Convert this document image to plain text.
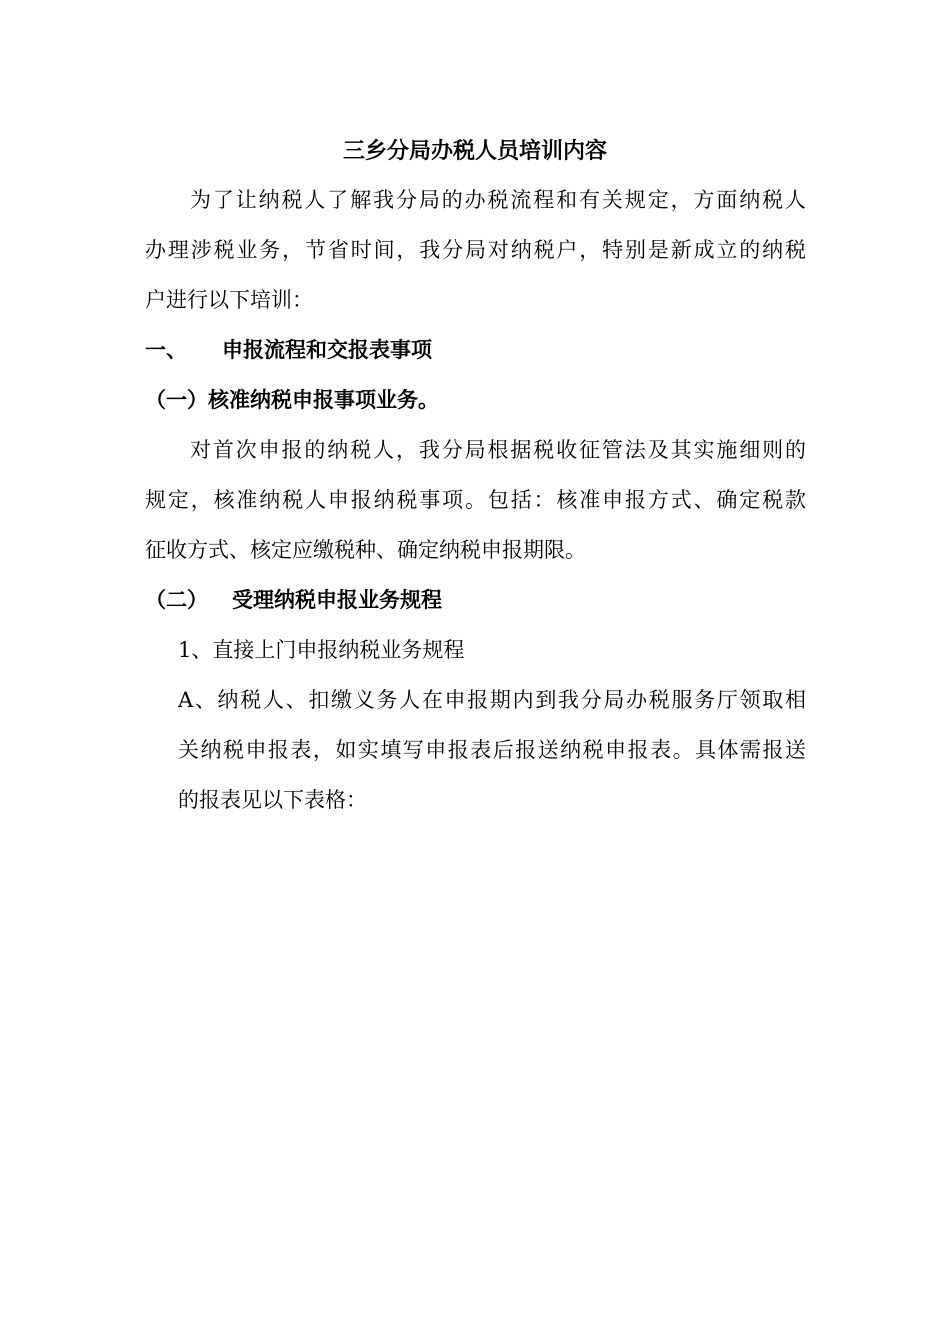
三乡分局办税人员培训内容
为了让纳税人了解我分局的办税流程和有关规定，方面纳税人
办理涉税业务，节省时间，我分局对纳税户，特别是新成立的纳税
户进行以下培训：
一、 申报流程和交报表事项
（一）核准纳税申报事项业务。
对首次申报的纳税人，我分局根据税收征管法及其实施细则的
规定，核准纳税人申报纳税事项。包括：核准申报方式、确定税款
征收方式、核定应缴税种、确定纳税申报期限。
（二） 受理纳税申报业务规程
1、直接上门申报纳税业务规程
A、纳税人、扣缴义务人在申报期内到我分局办税服务厅领取相
关纳税申报表，如实填写申报表后报送纳税申报表。具体需报送
的报表见以下表格：
